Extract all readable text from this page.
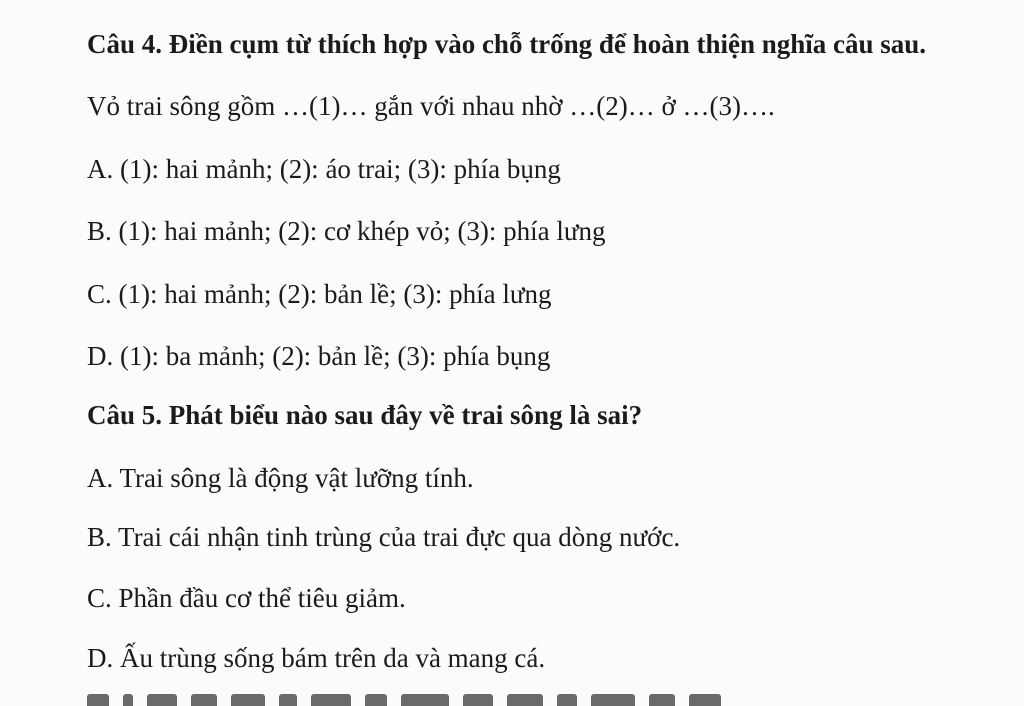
Câu 4. Điền cụm từ thích hợp vào chỗ trống để hoàn thiện nghĩa câu sau.
Vỏ trai sông gồm …(1)… gắn với nhau nhờ …(2)… ở …(3)….
A. (1): hai mảnh; (2): áo trai; (3): phía bụng
B. (1): hai mảnh; (2): cơ khép vỏ; (3): phía lưng
C. (1): hai mảnh; (2): bản lề; (3): phía lưng
D. (1): ba mảnh; (2): bản lề; (3): phía bụng
Câu 5. Phát biểu nào sau đây về trai sông là sai?
A. Trai sông là động vật lưỡng tính.
B. Trai cái nhận tinh trùng của trai đực qua dòng nước.
C. Phần đầu cơ thể tiêu giảm.
D. Ấu trùng sống bám trên da và mang cá.
